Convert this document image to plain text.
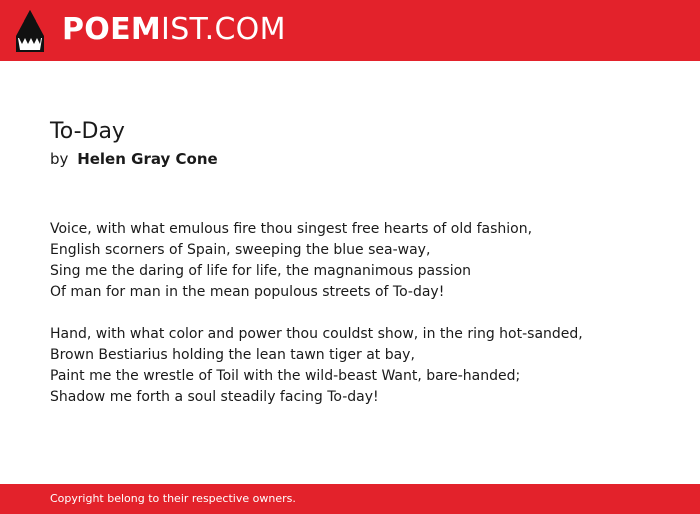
POEMIST.COM
To-Day
by Helen Gray Cone

Voice, with what emulous fire thou singest free hearts of old fashion,
English scorners of Spain, sweeping the blue sea-way,
Sing me the daring of life for life, the magnanimous passion
Of man for man in the mean populous streets of To-day!

Hand, with what color and power thou couldst show, in the ring hot-sanded,
Brown Bestiarius holding the lean tawn tiger at bay,
Paint me the wrestle of Toil with the wild-beast Want, bare-handed;
Shadow me forth a soul steadily facing To-day!

Copyright belong to their respective owners.
